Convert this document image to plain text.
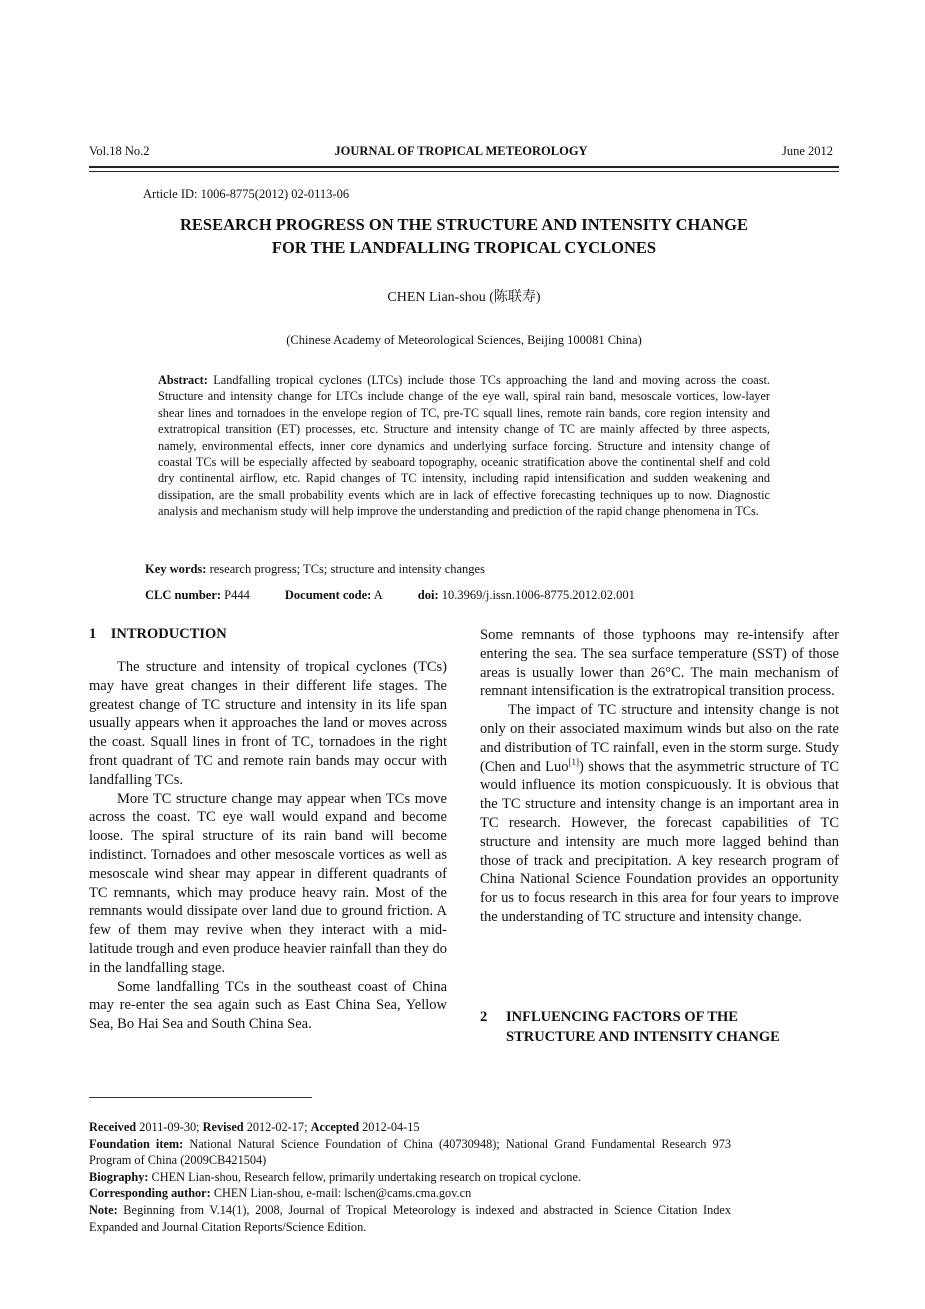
Vol.18 No.2	JOURNAL OF TROPICAL METEOROLOGY	June 2012
Article ID: 1006-8775(2012) 02-0113-06
RESEARCH PROGRESS ON THE STRUCTURE AND INTENSITY CHANGE
FOR THE LANDFALLING TROPICAL CYCLONES
CHEN Lian-shou (陈联寿)
(Chinese Academy of Meteorological Sciences, Beijing 100081 China)
Abstract: Landfalling tropical cyclones (LTCs) include those TCs approaching the land and moving across the coast. Structure and intensity change for LTCs include change of the eye wall, spiral rain band, mesoscale vortices, low-layer shear lines and tornadoes in the envelope region of TC, pre-TC squall lines, remote rain bands, core region intensity and extratropical transition (ET) processes, etc. Structure and intensity change of TC are mainly affected by three aspects, namely, environmental effects, inner core dynamics and underlying surface forcing. Structure and intensity change of coastal TCs will be especially affected by seaboard topography, oceanic stratification above the continental shelf and cold dry continental airflow, etc. Rapid changes of TC intensity, including rapid intensification and sudden weakening and dissipation, are the small probability events which are in lack of effective forecasting techniques up to now. Diagnostic analysis and mechanism study will help improve the understanding and prediction of the rapid change phenomena in TCs.
Key words: research progress; TCs; structure and intensity changes
CLC number: P444	Document code: A	doi: 10.3969/j.issn.1006-8775.2012.02.001
1    INTRODUCTION

The structure and intensity of tropical cyclones (TCs) may have great changes in their different life stages. The greatest change of TC structure and intensity in its life span usually appears when it approaches the land or moves across the coast. Squall lines in front of TC, tornadoes in the right front quadrant of TC and remote rain bands may occur with landfalling TCs.

More TC structure change may appear when TCs move across the coast. TC eye wall would expand and become loose. The spiral structure of its rain band will become indistinct. Tornadoes and other mesoscale vortices as well as mesoscale wind shear may appear in different quadrants of TC remnants, which may produce heavy rain. Most of the remnants would dissipate over land due to ground friction. A few of them may revive when they interact with a mid-latitude trough and even produce heavier rainfall than they do in the landfalling stage.

Some landfalling TCs in the southeast coast of China may re-enter the sea again such as East China Sea, Yellow Sea, Bo Hai Sea and South China Sea.

Some remnants of those typhoons may re-intensify after entering the sea. The sea surface temperature (SST) of those areas is usually lower than 26°C. The main mechanism of remnant intensification is the extratropical transition process.

The impact of TC structure and intensity change is not only on their associated maximum winds but also on the rate and distribution of TC rainfall, even in the storm surge. Study (Chen and Luo[1]) shows that the asymmetric structure of TC would influence its motion conspicuously. It is obvious that the TC structure and intensity change is an important area in TC research. However, the forecast capabilities of TC structure and intensity are much more lagged behind than those of track and precipitation. A key research program of China National Science Foundation provides an opportunity for us to focus research in this area for four years to improve the understanding of TC structure and intensity change.

2 INFLUENCING FACTORS OF THE
STRUCTURE AND INTENSITY CHANGE
Received 2011-09-30; Revised 2012-02-17; Accepted 2012-04-15
Foundation item: National Natural Science Foundation of China (40730948); National Grand Fundamental Research 973 Program of China (2009CB421504)
Biography: CHEN Lian-shou, Research fellow, primarily undertaking research on tropical cyclone.
Corresponding author: CHEN Lian-shou, e-mail: lschen@cams.cma.gov.cn
Note: Beginning from V.14(1), 2008, Journal of Tropical Meteorology is indexed and abstracted in Science Citation Index Expanded and Journal Citation Reports/Science Edition.
